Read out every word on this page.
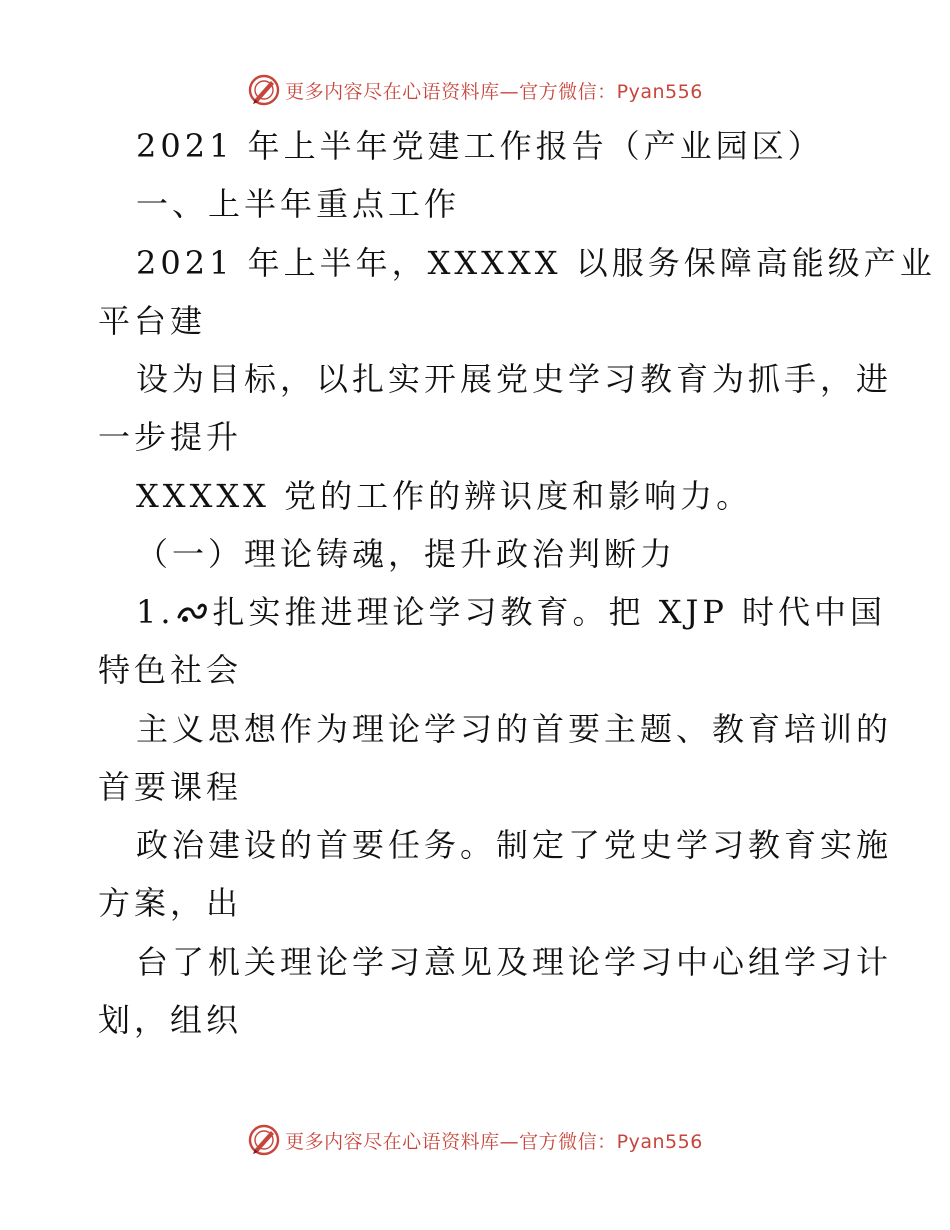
更多内容尽在心语资料库—官方微信：Pyan556
2021 年上半年党建工作报告（产业园区）
一、上半年重点工作
2021 年上半年，XXXXX 以服务保障高能级产业
平台建
设为目标，以扎实开展党史学习教育为抓手，进
一步提升
XXXXX 党的工作的辨识度和影响力。
（一）理论铸魂，提升政治判断力
1. 扎实推进理论学习教育。把 XJP 时代中国
特色社会
主义思想作为理论学习的首要主题、教育培训的
首要课程
政治建设的首要任务。制定了党史学习教育实施
方案，出
台了机关理论学习意见及理论学习中心组学习计
划，组织
更多内容尽在心语资料库—官方微信：Pyan556
